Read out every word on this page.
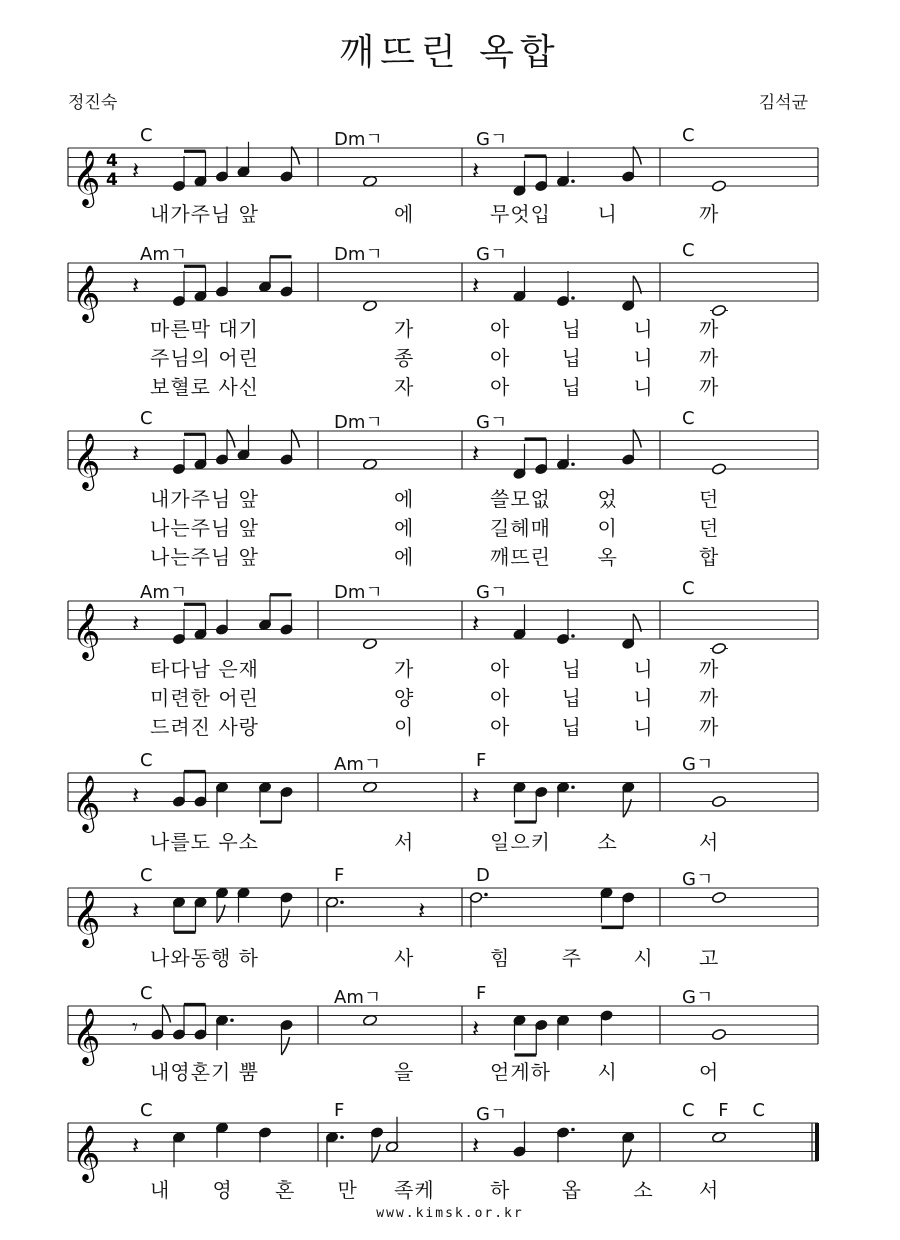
깨뜨린 옥합
정진숙	김석균
C	Dmㄱ	Gㄱ	C
𝄞 4
4 𝄽	𝄽
내가주님 앞	에	무엇입 니	까
Amㄱ	Dmㄱ	Gㄱ	C
𝄞 𝄽	𝄽
마른막 대기	가	아	닙	니 까
주님의 어린	종	아	닙	니 까
보혈로 사신	자	아	닙	니 까
C	Dmㄱ	Gㄱ	C
𝄞 𝄽	𝄽
내가주님 앞	에	쓸모없 었	던
나는주님 앞	에	길헤매 이	던
나는주님 앞	에	깨뜨린 옥	합
Amㄱ	Dmㄱ	Gㄱ	C
𝄞 𝄽	𝄽
타다남 은재	가	아	닙	니 까
미련한 어린	양	아	닙	니 까
드려진 사랑	이	아	닙	니 까
C	Amㄱ	F	Gㄱ
𝄞 𝄽	𝄽
나를도 우소	서	일으키 소	서
C	F	D	Gㄱ
𝄞 𝄽	𝄽
나와동행 하	사	힘	주	시 고
C	Amㄱ	F	Gㄱ
𝄞 𝄾	𝄽
내영혼기 뿜	을	얻게하 시	어
C	F	Gㄱ	C F C
𝄞 𝄽	𝄽
내 영 혼 만 족케	하	옵	소 서
www.kimsk.or.kr
